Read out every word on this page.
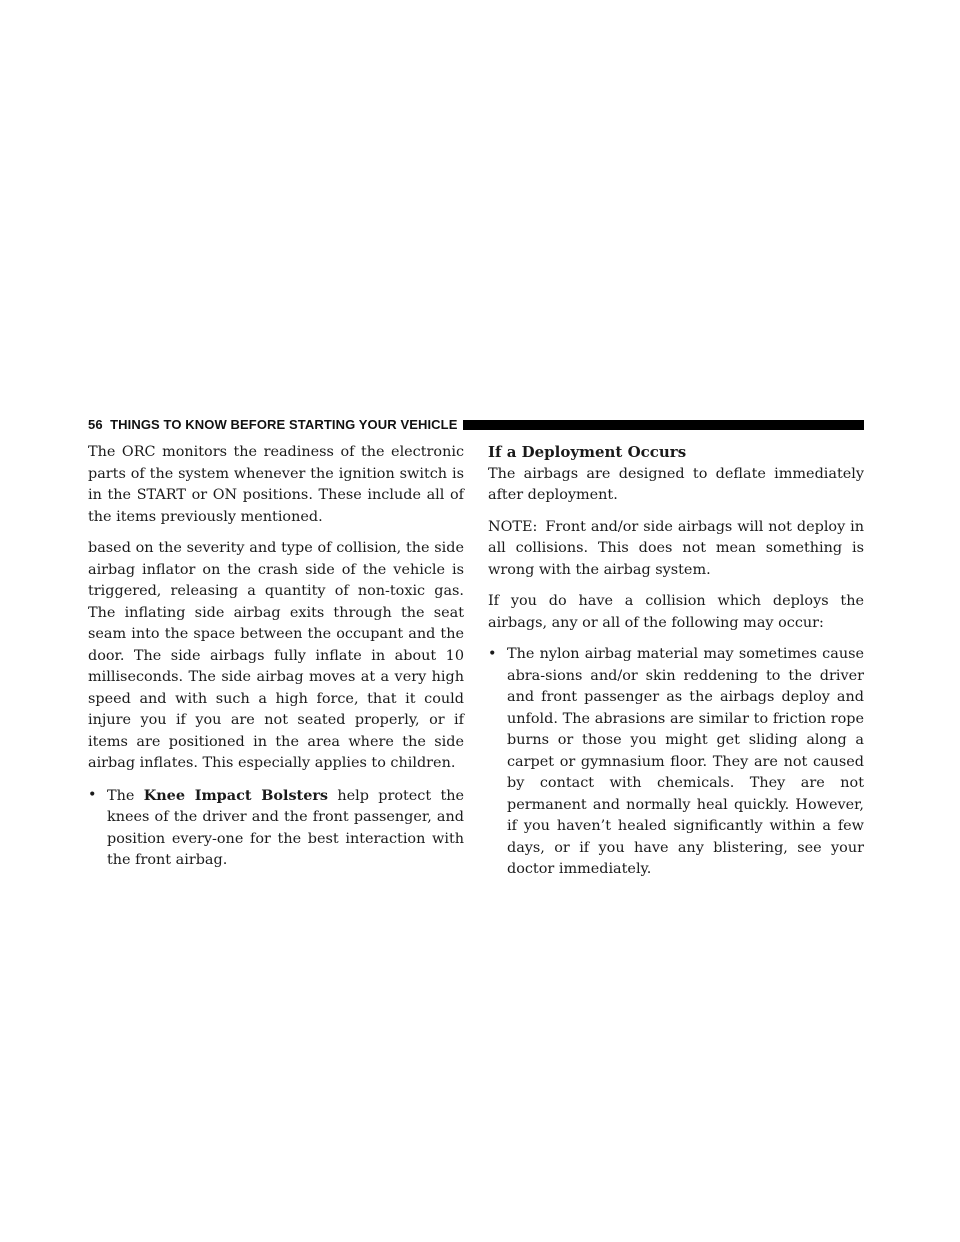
56 THINGS TO KNOW BEFORE STARTING YOUR VEHICLE

The ORC monitors the readiness of the electronic parts of the system whenever the ignition switch is in the START or ON positions. These include all of the items previously mentioned.

based on the severity and type of collision, the side airbag inflator on the crash side of the vehicle is triggered, releasing a quantity of non-toxic gas. The inflating side airbag exits through the seat seam into the space between the occupant and the door. The side airbags fully inflate in about 10 milliseconds. The side airbag moves at a very high speed and with such a high force, that it could injure you if you are not seated properly, or if items are positioned in the area where the side airbag inflates. This especially applies to children.

• The Knee Impact Bolsters help protect the knees of the driver and the front passenger, and position every-one for the best interaction with the front airbag.
If a Deployment Occurs

The airbags are designed to deflate immediately after deployment.

NOTE: Front and/or side airbags will not deploy in all collisions. This does not mean something is wrong with the airbag system.

If you do have a collision which deploys the airbags, any or all of the following may occur:

• The nylon airbag material may sometimes cause abra-sions and/or skin reddening to the driver and front passenger as the airbags deploy and unfold. The abrasions are similar to friction rope burns or those you might get sliding along a carpet or gymnasium floor. They are not caused by contact with chemicals. They are not permanent and normally heal quickly. However, if you haven’t healed significantly within a few days, or if you have any blistering, see your doctor immediately.
